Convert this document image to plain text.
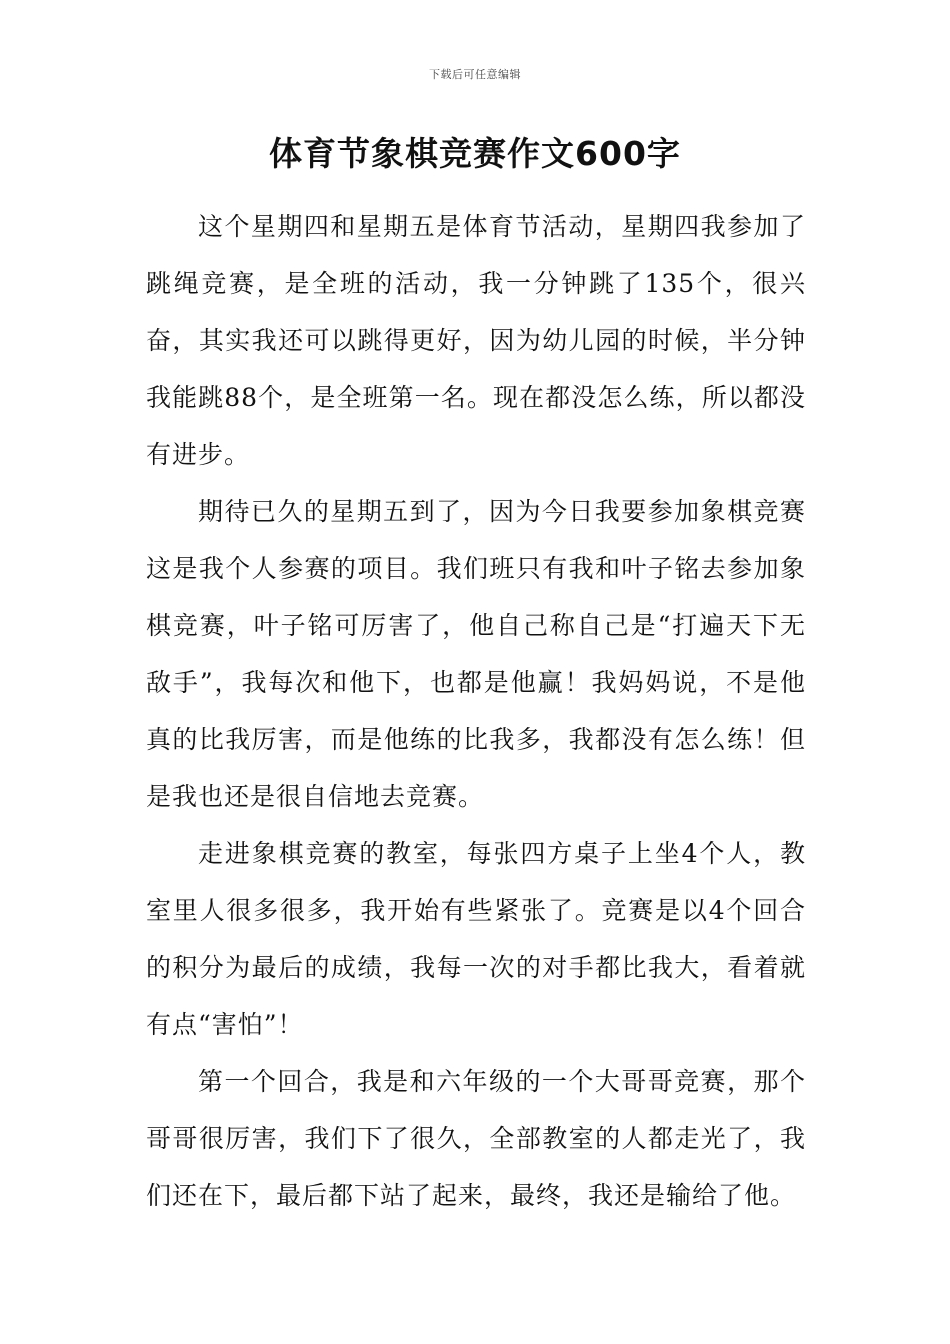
下载后可任意编辑
体育节象棋竞赛作文600字

这个星期四和星期五是体育节活动，星期四我参加了跳绳竞赛，是全班的活动，我一分钟跳了135个，很兴奋，其实我还可以跳得更好，因为幼儿园的时候，半分钟我能跳88个，是全班第一名。现在都没怎么练，所以都没有进步。

期待已久的星期五到了，因为今日我要参加象棋竞赛这是我个人参赛的项目。我们班只有我和叶子铭去参加象棋竞赛，叶子铭可厉害了，他自己称自己是“打遍天下无敌手”，我每次和他下，也都是他赢！我妈妈说，不是他真的比我厉害，而是他练的比我多，我都没有怎么练！但是我也还是很自信地去竞赛。

走进象棋竞赛的教室，每张四方桌子上坐4个人，教室里人很多很多，我开始有些紧张了。竞赛是以4个回合的积分为最后的成绩，我每一次的对手都比我大，看着就有点“害怕”！

第一个回合，我是和六年级的一个大哥哥竞赛，那个哥哥很厉害，我们下了很久，全部教室的人都走光了，我们还在下，最后都下站了起来，最终，我还是输给了他。
